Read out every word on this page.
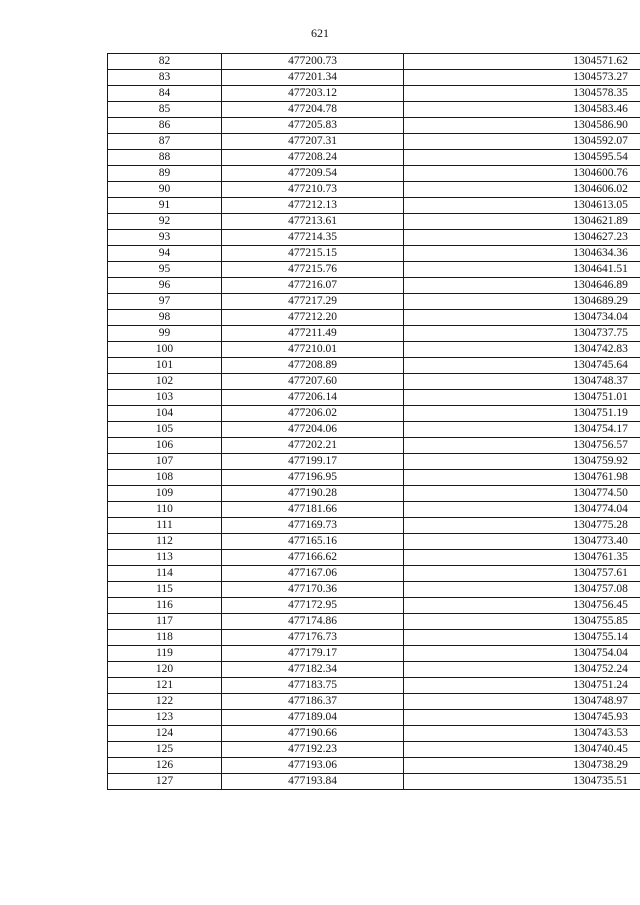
621
82	477200.73	1304571.62
83	477201.34	1304573.27
84	477203.12	1304578.35
85	477204.78	1304583.46
86	477205.83	1304586.90
87	477207.31	1304592.07
88	477208.24	1304595.54
89	477209.54	1304600.76
90	477210.73	1304606.02
91	477212.13	1304613.05
92	477213.61	1304621.89
93	477214.35	1304627.23
94	477215.15	1304634.36
95	477215.76	1304641.51
96	477216.07	1304646.89
97	477217.29	1304689.29
98	477212.20	1304734.04
99	477211.49	1304737.75
100	477210.01	1304742.83
101	477208.89	1304745.64
102	477207.60	1304748.37
103	477206.14	1304751.01
104	477206.02	1304751.19
105	477204.06	1304754.17
106	477202.21	1304756.57
107	477199.17	1304759.92
108	477196.95	1304761.98
109	477190.28	1304774.50
110	477181.66	1304774.04
111	477169.73	1304775.28
112	477165.16	1304773.40
113	477166.62	1304761.35
114	477167.06	1304757.61
115	477170.36	1304757.08
116	477172.95	1304756.45
117	477174.86	1304755.85
118	477176.73	1304755.14
119	477179.17	1304754.04
120	477182.34	1304752.24
121	477183.75	1304751.24
122	477186.37	1304748.97
123	477189.04	1304745.93
124	477190.66	1304743.53
125	477192.23	1304740.45
126	477193.06	1304738.29
127	477193.84	1304735.51
